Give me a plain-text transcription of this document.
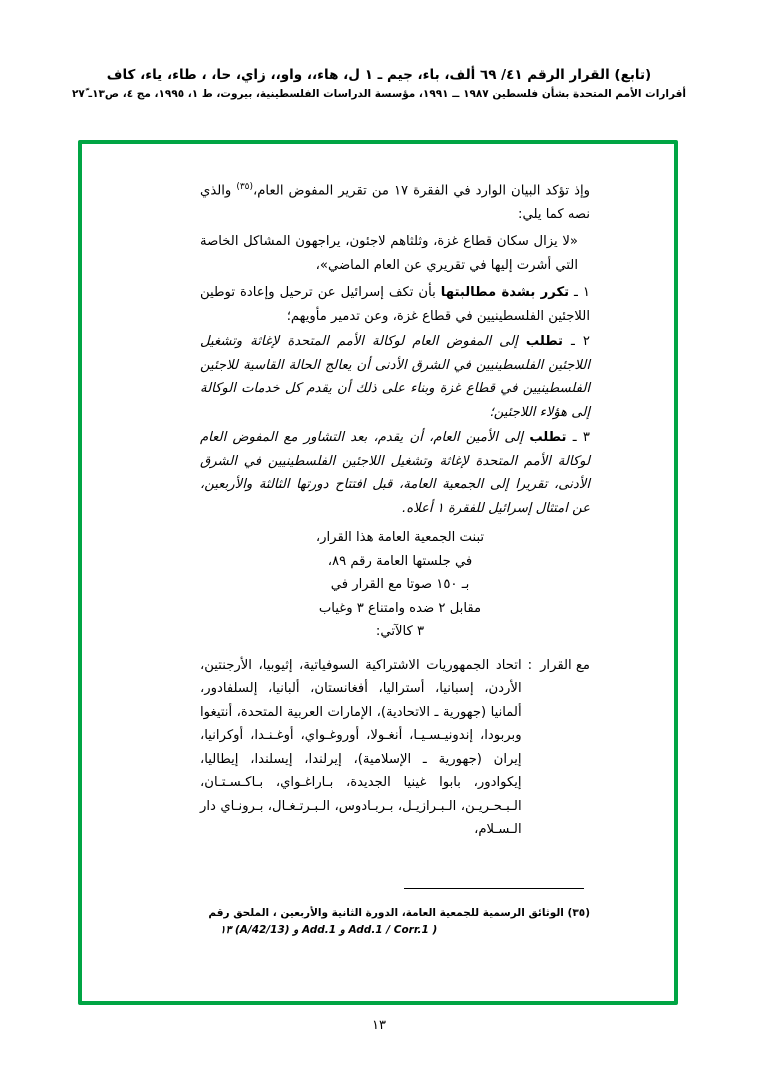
(تابع) القرار الرقم ٤١/ ٦٩ ألف، باء، جيم ـ ١ ل، هاء،، واو،، زاي، ح‍ا، ، طاء، ياء، كاف
أقرارات الأمم المتحدة بشأن فلسطين ١٩٨٧ ــ ١٩٩١، مؤسسة الدراسات الفلسطينية، بيروت، ط ١، ١٩٩٥، مج ٤، ص١٣ـ ٢٧ّ

وإذ تؤكد البيان الوارد في الفقرة ١٧ من تقرير المفوض العام،$^{(٣٥)}$ والذي نصه كما يلي:

«لا يزال سكان قطاع غزة، وثلثاهم لاجئون، يراجهون المشاكل الخاصة التي أشرت إليها في تقريري عن العام الماضي»،

١ ـ تكرر بشدة مطالبتها بأن تكف إسرائيل عن ترحيل وإعادة توطين اللاجئين الفلسطينيين في قطاع غزة، وعن تدمير مأويهم؛

٢ ـ تطلب إلى المفوض العام لوكالة الأمم المتحدة لإغاثة وتشغيل اللاجئين الفلسطينيين في الشرق الأدنى أن يعالج الحالة القاسية للاجئين الفلسطينيين في قطاع غزة وبناء على ذلك أن يقدم كل خدمات الوكالة إلى هؤلاء اللاجئين؛

٣ ـ تطلب إلى الأمين العام، أن يقدم، بعد التشاور مع المفوض العام لوكالة الأمم المتحدة لإغاثة وتشغيل اللاجئين الفلسطينيين في الشرق الأدنى، تقريرا إلى الجمعية العامة، قبل افتتاح دورتها الثالثة والأربعين، عن امتثال إسرائيل للفقرة ١ أعلاه.

تبنت الجمعية العامة هذا القرار،
في جلستها العامة رقم ٨٩،
بـ ١٥٠ صوتا مع القرار في
مقابل ٢ ضده وامتناع ٣ وغياب
٣ كالآتي:
مع القرار
:
اتحاد الجمهوريات الاشتراكية السوفياتية، إثيوبيا، الأرجنتين، الأردن، إسبانيا، أستراليا، أفغانستان، ألبانيا، إلسلفادور، ألمانيا (جهورية ـ الاتحادية)، الإمارات العربية المتحدة، أنتيغوا وبربودا، إندونيـسـيـا، أنغـولا، أوروغـواي، أوغـنـدا، أوكرانيا، إيران (جهورية ـ الإسلامية)، إيرلندا، إيسلندا، إيطاليا، إيكوادور، بابوا غينيا الجديدة، بـاراغـواي، بـاكـسـتـان، الـبـحـريـن، الـبـرازيـل، بـربـادوس، الـبـرتـغـال، بـرونـاي دار الـسـلام،
(٣٥) الوثائق الرسمية للجمعية العامة، الدورة الثانية والأربعين ، الملحق رقم
١٣ (A/42/13) و Add.1 و Add.1 / Corr.1 )
١٣
